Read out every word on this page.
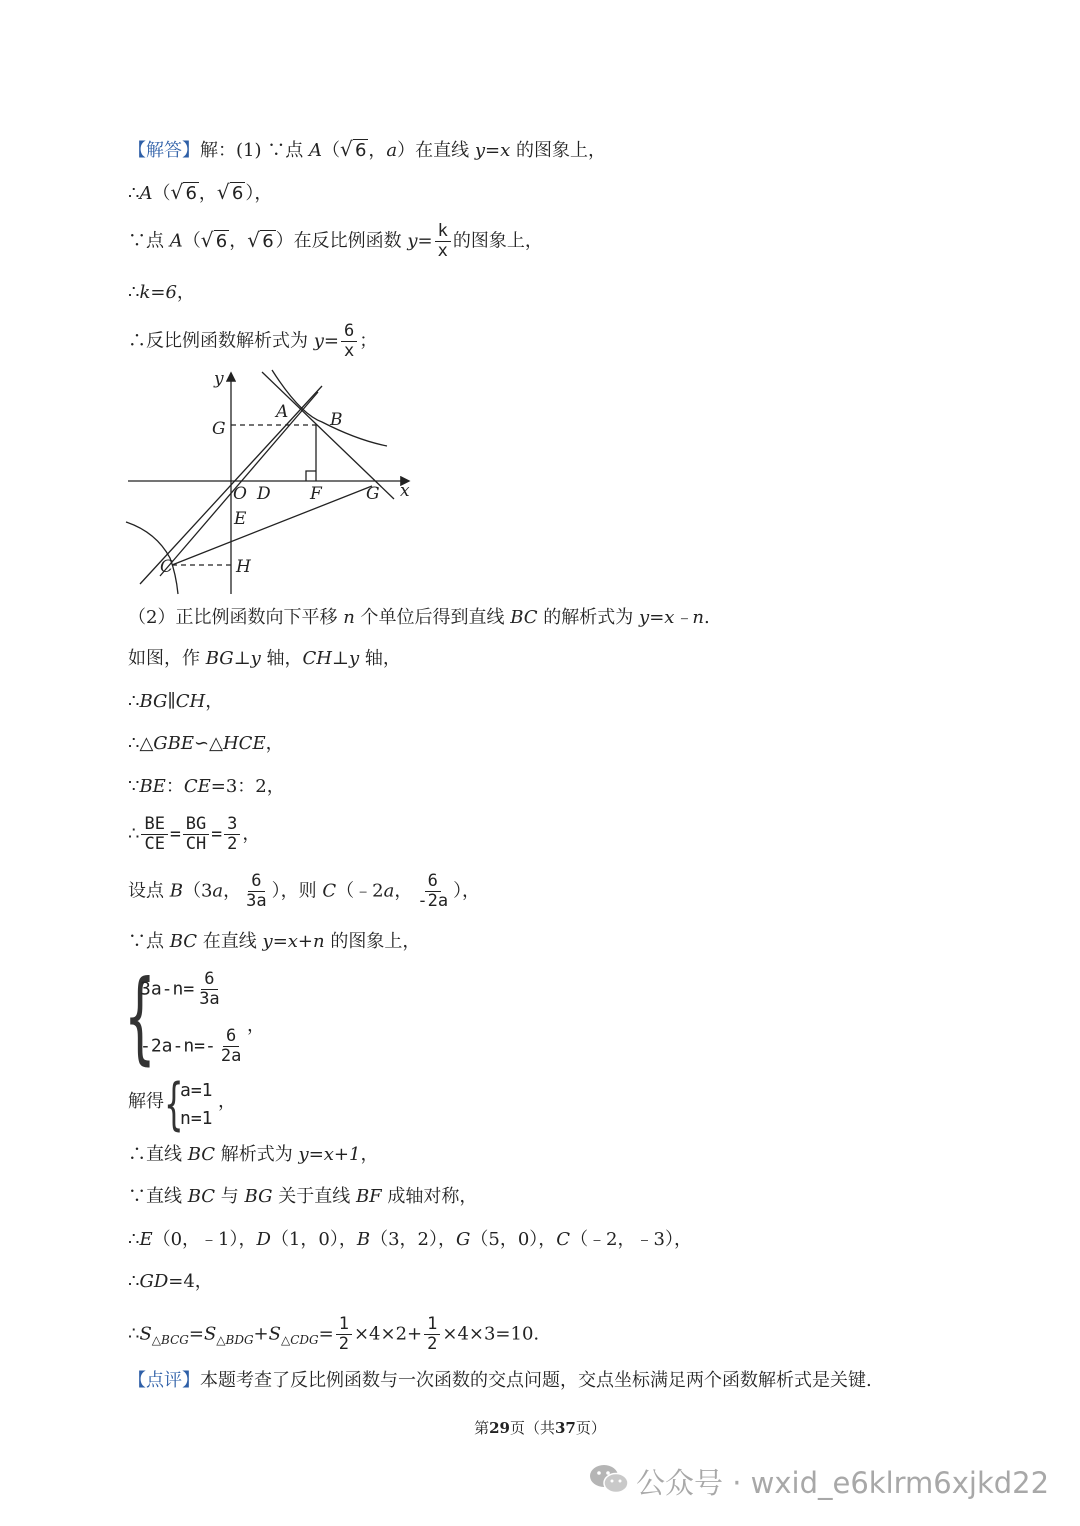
【解答】解：(1) ∵点 A（ √ 6 ，a）在直线 y=x 的图象上，
∴A（ √ 6 ， √ 6 ），
∵点 A（ √ 6 ， √ 6 ）在反比例函数 $y= \frac{k}{x}$ 的图象上，
∴k=6，
∴反比例函数解析式为 $y= \frac{6}{x}$ ；
y
x
G
A B
O D F	G
E
C	H
（2）正比例函数向下平移 n 个单位后得到直线 BC 的解析式为 y=x﹣n.
如图，作 BG⊥y 轴，CH⊥y 轴，
∴BG∥CH，
∴△GBE∽△HCE，
∵BE：CE=3：2，
∴ $\frac{BE}{CE} = \frac{BG}{CH} = \frac{3}{2}$ ，
设点 B（3a， $\frac{6}{3a}$ ），则 C（﹣2a， $\frac{6}{-2a}$ ），
∵点 BC 在直线 y=x+n 的图象上，
{
$3a-n= \frac{6}{3a}$
$-2a-n=- \frac{6}{2a}$
，
解得 {
a=1
n=1
，
∴直线 BC 解析式为 y=x+1，
∵直线 BC 与 BG 关于直线 BF 成轴对称，
∴E（0，﹣1），D（1，0），B（3，2），G（5，0），C（﹣2，﹣3），
∴GD=4，
$\therefore S_{\triangle BCG}=S_{\triangle BDG}+S_{\triangle CDG}= \frac{1}{2} \times 4\times 2+ \frac{1}{2} \times 4\times 3=10$.
【点评】本题考查了反比例函数与一次函数的交点问题，交点坐标满足两个函数解析式是关键.
第29页（共37页）
公众号 · wxid_e6klrm6xjkd22
